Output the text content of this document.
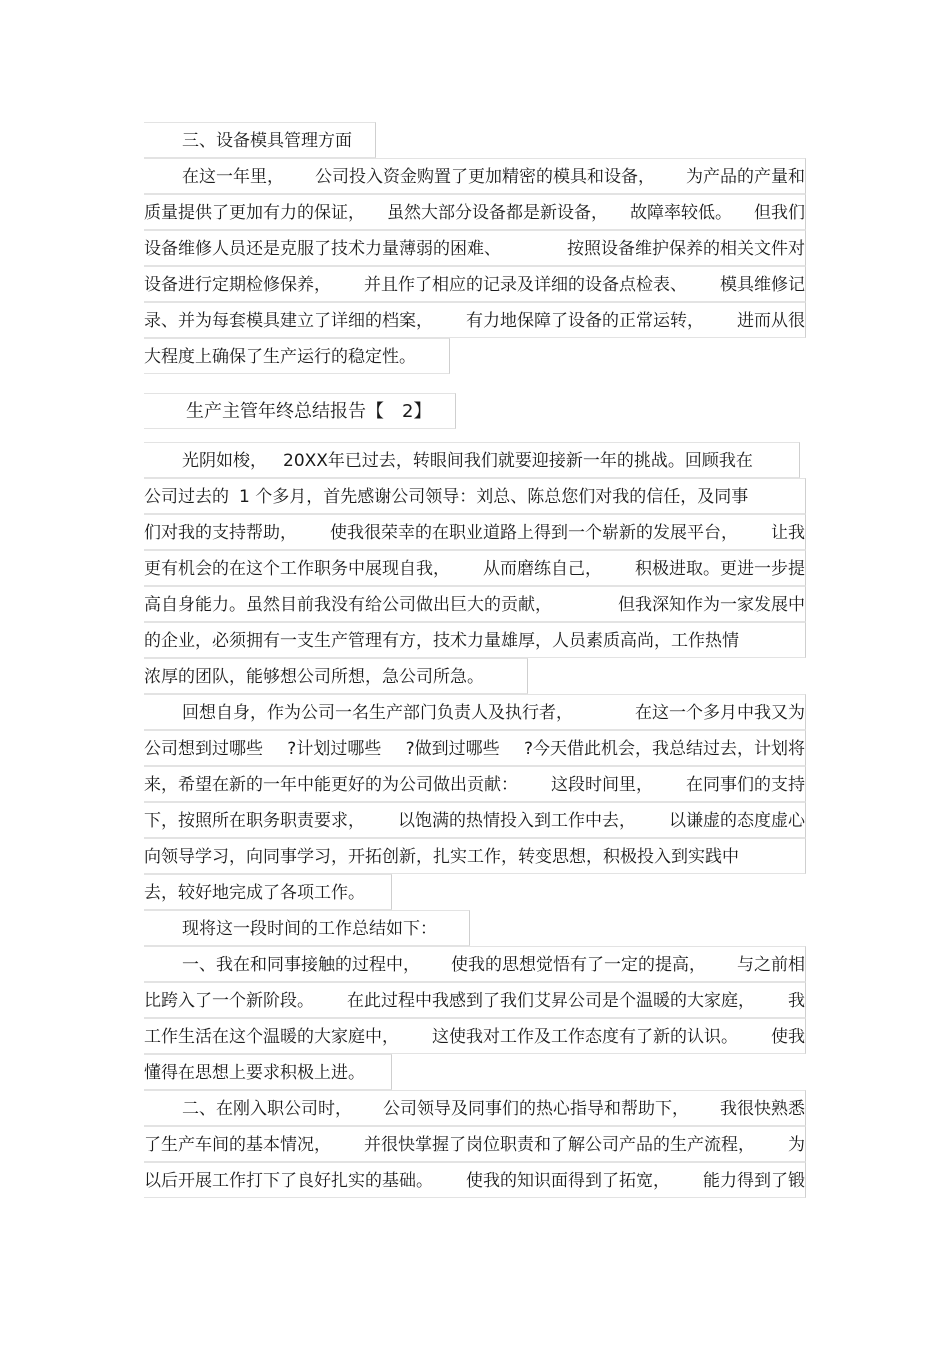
三、设备模具管理方面
在这一年里， 公司投入资金购置了更加精密的模具和设备， 为产品的产量和
质量提供了更加有力的保证， 虽然大部分设备都是新设备， 故障率较低。 但我们
设备维修人员还是克服了技术力量薄弱的困难、	按照设备维护保养的相关文件对
设备进行定期检修保养， 并且作了相应的记录及详细的设备点检表、 模具维修记
录、并为每套模具建立了详细的档案， 有力地保障了设备的正常运转， 进而从很
大程度上确保了生产运行的稳定性。
生产主管年终总结报告【 2】
光阴如梭， 20XX年已过去，转眼间我们就要迎接新一年的挑战。回顾我在
公司过去的 1 个多月，首先感谢公司领导：刘总、陈总您们对我的信任，及同事
们对我的支持帮助， 使我很荣幸的在职业道路上得到一个崭新的发展平台， 让我
更有机会的在这个工作职务中展现自我， 从而磨练自己， 积极进取。更进一步提
高自身能力。虽然目前我没有给公司做出巨大的贡献，	但我深知作为一家发展中
的企业，必须拥有一支生产管理有方，技术力量雄厚，人员素质高尚，工作热情
浓厚的团队，能够想公司所想，急公司所急。
回想自身，作为公司一名生产部门负责人及执行者，	在这一个多月中我又为
公司想到过哪些 ?计划过哪些 ?做到过哪些 ?今天借此机会，我总结过去，计划将
来，希望在新的一年中能更好的为公司做出贡献： 这段时间里， 在同事们的支持
下，按照所在职务职责要求， 以饱满的热情投入到工作中去， 以谦虚的态度虚心
向领导学习，向同事学习，开拓创新，扎实工作，转变思想，积极投入到实践中
去，较好地完成了各项工作。
现将这一段时间的工作总结如下：
一、我在和同事接触的过程中， 使我的思想觉悟有了一定的提高， 与之前相
比跨入了一个新阶段。 在此过程中我感到了我们艾昇公司是个温暖的大家庭， 我
工作生活在这个温暖的大家庭中， 这使我对工作及工作态度有了新的认识。 使我
懂得在思想上要求积极上进。
二、在刚入职公司时， 公司领导及同事们的热心指导和帮助下， 我很快熟悉
了生产车间的基本情况， 并很快掌握了岗位职责和了解公司产品的生产流程， 为
以后开展工作打下了良好扎实的基础。 使我的知识面得到了拓宽， 能力得到了锻
